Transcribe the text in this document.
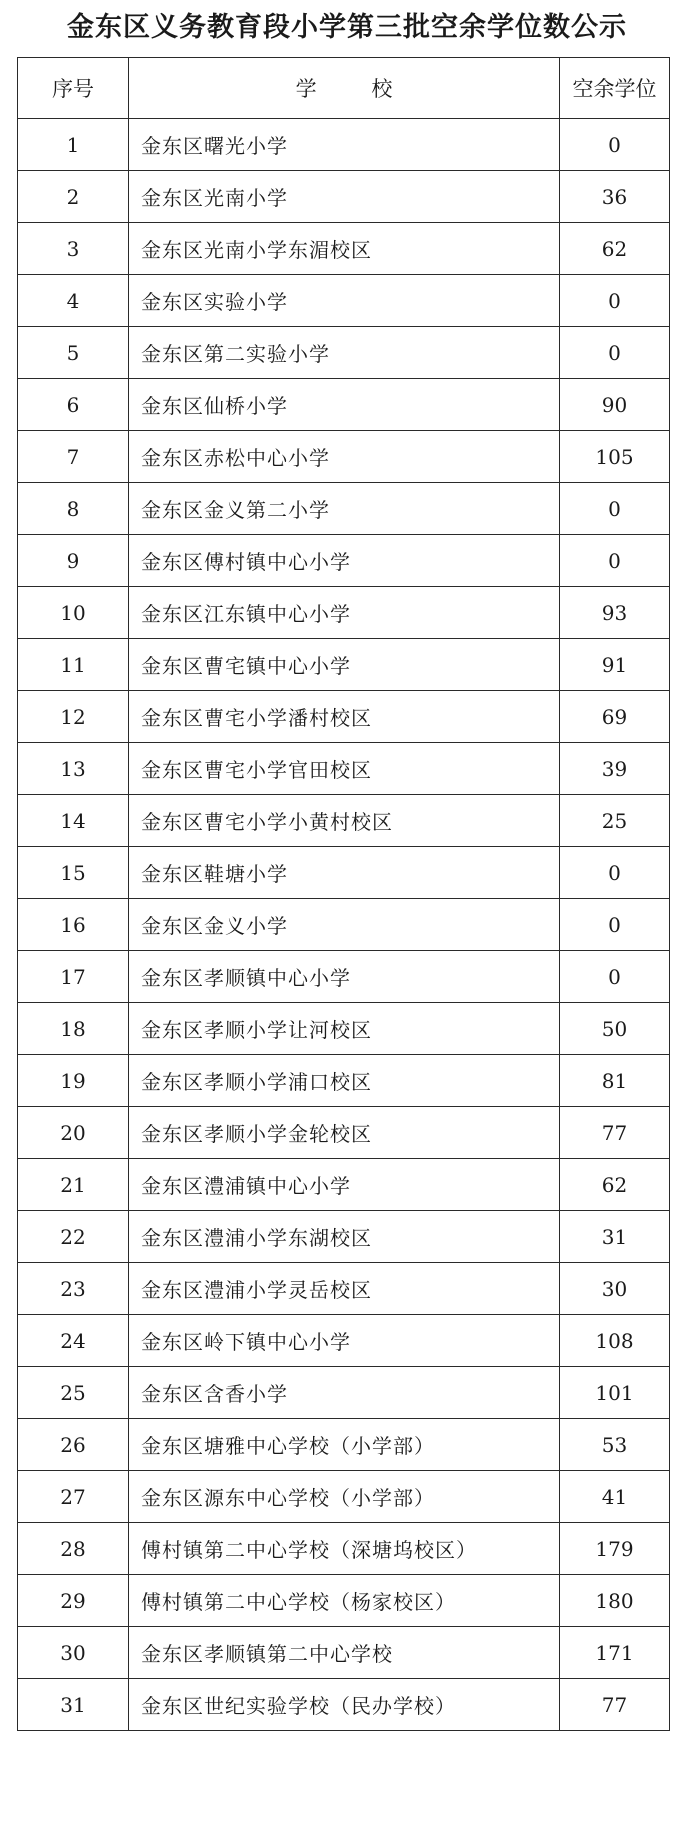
金东区义务教育段小学第三批空余学位数公示
序号	学 校	空余学位
1	金东区曙光小学	0
2	金东区光南小学	36
3	金东区光南小学东湄校区	62
4	金东区实验小学	0
5	金东区第二实验小学	0
6	金东区仙桥小学	90
7	金东区赤松中心小学	105
8	金东区金义第二小学	0
9	金东区傅村镇中心小学	0
10	金东区江东镇中心小学	93
11	金东区曹宅镇中心小学	91
12	金东区曹宅小学潘村校区	69
13	金东区曹宅小学官田校区	39
14	金东区曹宅小学小黄村校区	25
15	金东区鞋塘小学	0
16	金东区金义小学	0
17	金东区孝顺镇中心小学	0
18	金东区孝顺小学让河校区	50
19	金东区孝顺小学浦口校区	81
20	金东区孝顺小学金轮校区	77
21	金东区澧浦镇中心小学	62
22	金东区澧浦小学东湖校区	31
23	金东区澧浦小学灵岳校区	30
24	金东区岭下镇中心小学	108
25	金东区含香小学	101
26	金东区塘雅中心学校（小学部）	53
27	金东区源东中心学校（小学部）	41
28	傅村镇第二中心学校（深塘坞校区）	179
29	傅村镇第二中心学校（杨家校区）	180
30	金东区孝顺镇第二中心学校	171
31	金东区世纪实验学校（民办学校）	77
